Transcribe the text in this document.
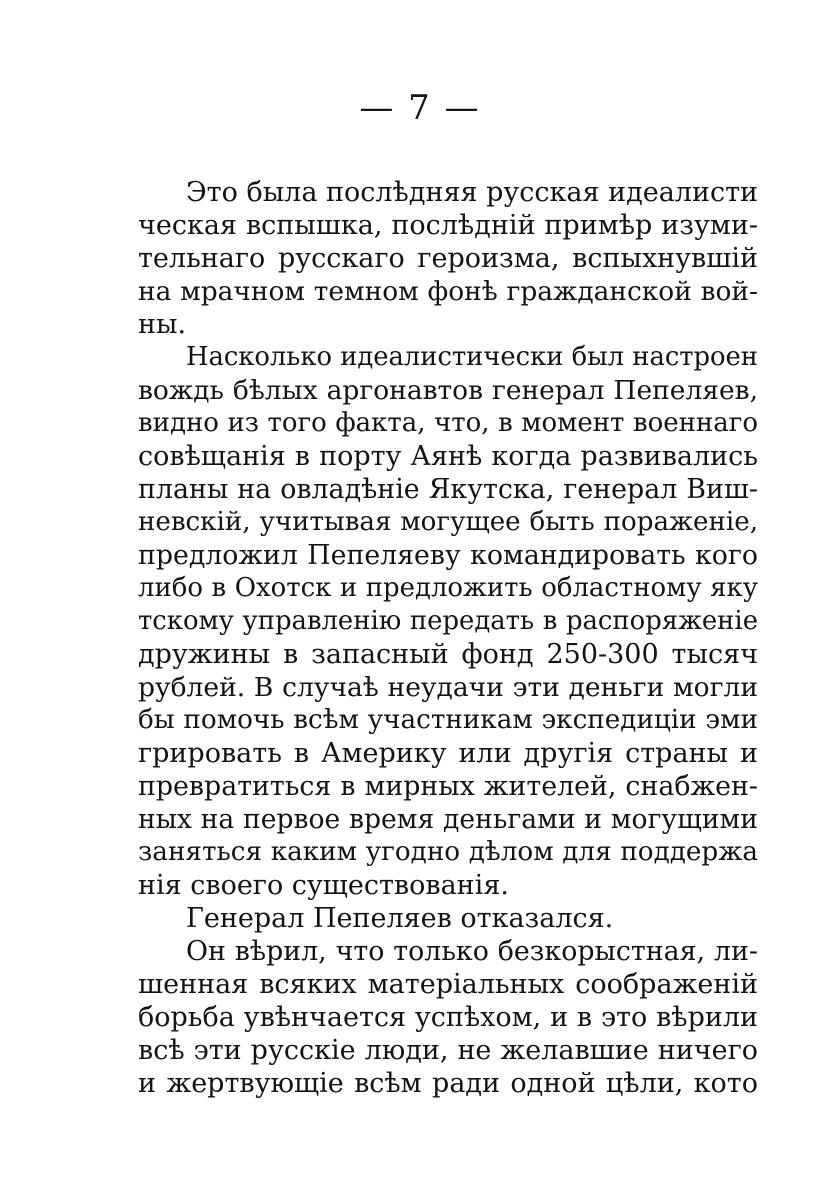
— 7 —
Это была послѣдняя русская идеалисти
ческая вспышка, послѣднiй примѣр изуми-
тельнаго русскаго героизма, вспыхнувшiй
на мрачном темном фонѣ гражданской вой-
ны.
Насколько идеалистически был настроен
вождь бѣлых аргонавтов генерал Пепеляев,
видно из того факта, что, в момент военнаго
совѣщанiя в порту Аянѣ когда развивались
планы на овладѣнiе Якутска, генерал Виш-
невскiй, учитывая могущее быть пораженiе,
предложил Пепеляеву командировать кого
либо в Охотск и предложить областному яку
тскому управленiю передать в распоряженiе
дружины в запасный фонд 250-300 тысяч
рублей. В случаѣ неудачи эти деньги могли
бы помочь всѣм участникам экспедицiи эми
грировать в Америку или другiя страны и
превратиться в мирных жителей, снабжен-
ных на первое время деньгами и могущими
заняться каким угодно дѣлом для поддержа
нiя своего существованiя.
Генерал Пепеляев отказался.
Он вѣрил, что только безкорыстная, ли-
шенная всяких матерiальных соображенiй
борьба увѣнчается успѣхом, и в это вѣрили
всѣ эти русскiе люди, не желавшие ничего
и жертвующiе всѣм ради одной цѣли, кото
